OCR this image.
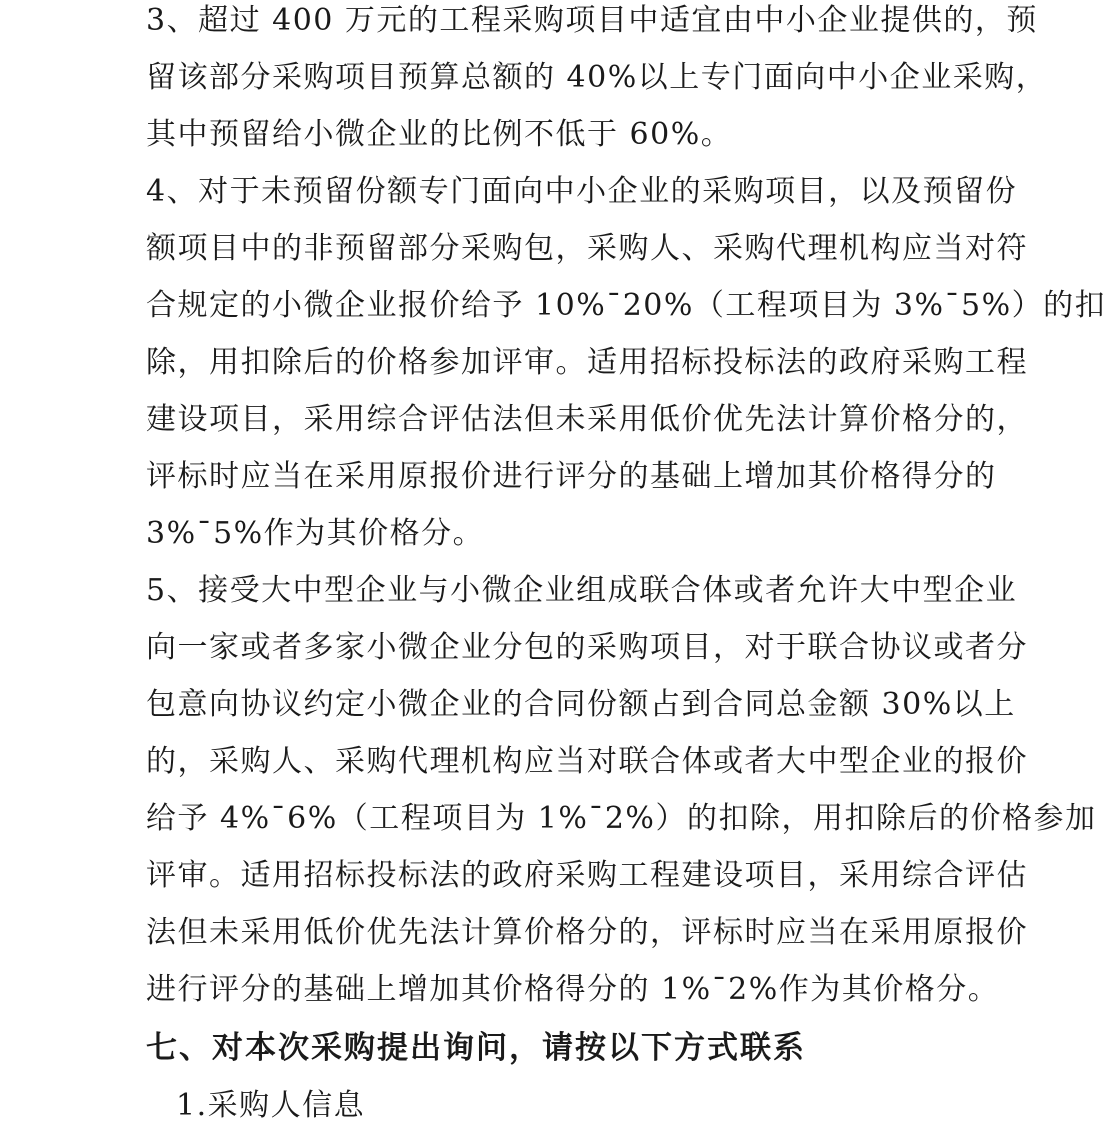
3、超过 400 万元的工程采购项目中适宜由中小企业提供的，预
留该部分采购项目预算总额的 40%以上专门面向中小企业采购，
其中预留给小微企业的比例不低于 60%。
4、对于未预留份额专门面向中小企业的采购项目，以及预留份
额项目中的非预留部分采购包，采购人、采购代理机构应当对符
合规定的小微企业报价给予 10%¯20%（工程项目为 3%¯5%）的扣
除，用扣除后的价格参加评审。适用招标投标法的政府采购工程
建设项目，采用综合评估法但未采用低价优先法计算价格分的，
评标时应当在采用原报价进行评分的基础上增加其价格得分的
3%¯5%作为其价格分。
5、接受大中型企业与小微企业组成联合体或者允许大中型企业
向一家或者多家小微企业分包的采购项目，对于联合协议或者分
包意向协议约定小微企业的合同份额占到合同总金额 30%以上
的，采购人、采购代理机构应当对联合体或者大中型企业的报价
给予 4%¯6%（工程项目为 1%¯2%）的扣除，用扣除后的价格参加
评审。适用招标投标法的政府采购工程建设项目，采用综合评估
法但未采用低价优先法计算价格分的，评标时应当在采用原报价
进行评分的基础上增加其价格得分的 1%¯2%作为其价格分。
七、对本次采购提出询问，请按以下方式联系
1.采购人信息
